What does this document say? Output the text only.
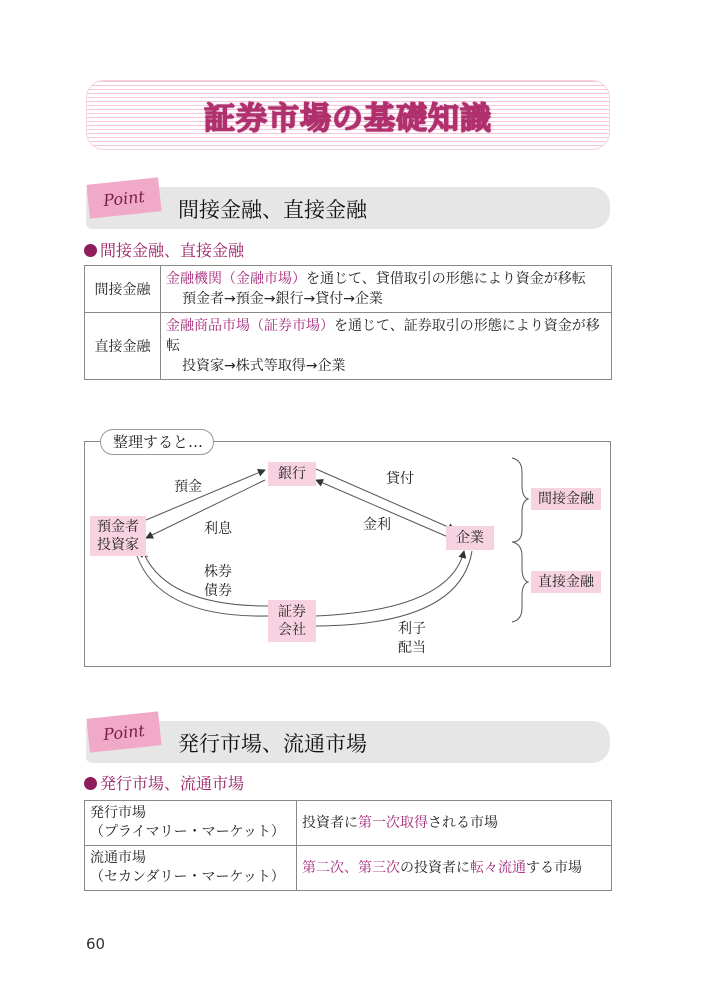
証券市場の基礎知識
Point	間接金融、直接金融
間接金融、直接金融
間接金融	金融機関（金融市場）を通じて、貸借取引の形態により資金が移転
預金者→預金→銀行→貸付→企業

直接金融	金融商品市場（証券市場）を通じて、証券取引の形態により資金が移転
投資家→株式等取得→企業
整理すると…
銀行
預金者
投資家	企業
証券
会社
預金
利息
貸付
金利
株券
債券
利子
配当
間接金融
直接金融
Point	発行市場、流通市場
発行市場、流通市場
発行市場
（プライマリー・マーケット）	投資者に第一次取得される市場

流通市場
（セカンダリー・マーケット）	第二次、第三次の投資者に転々流通する市場
60
